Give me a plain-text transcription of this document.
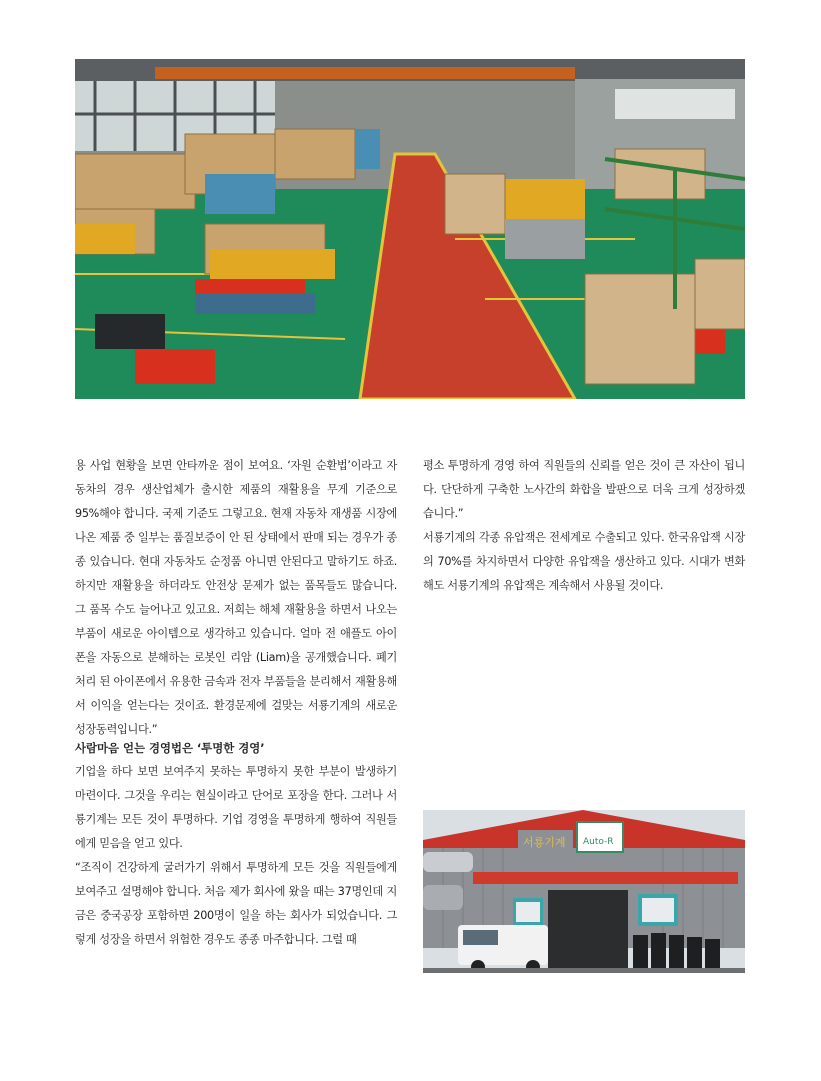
용 사업 현황을 보면 안타까운 점이 보여요. ‘자원 순환법’이라고 자동차의 경우 생산업체가 출시한 제품의 재활용을 무게 기준으로 95%해야 합니다. 국제 기준도 그렇고요. 현재 자동차 재생품 시장에 나온 제품 중 일부는 품질보증이 안 된 상태에서 판매 되는 경우가 종종 있습니다. 현대 자동차도 순정품 아니면 안된다고 말하기도 하죠. 하지만 재활용을 하더라도 안전상 문제가 없는 품목들도 많습니다. 그 품목 수도 늘어나고 있고요. 저희는 해체 재활용을 하면서 나오는 부품이 새로운 아이템으로 생각하고 있습니다. 얼마 전 애플도 아이폰을 자동으로 분해하는 로봇인 리암 (Liam)을 공개했습니다. 폐기처리 된 아이폰에서 유용한 금속과 전자 부품들을 분리해서 재활용해서 이익을 얻는다는 것이죠. 환경문제에 걸맞는 서룡기계의 새로운 성장동력입니다.”

사람마음 얻는 경영법은 ‘투명한 경영’

기업을 하다 보면 보여주지 못하는 투명하지 못한 부분이 발생하기 마련이다. 그것을 우리는 현실이라고 단어로 포장을 한다. 그러나 서룡기계는 모든 것이 투명하다. 기업 경영을 투명하게 행하여 직원들에게 믿음을 얻고 있다.

“조직이 건강하게 굴러가기 위해서 투명하게 모든 것을 직원들에게 보여주고 설명해야 합니다. 처음 제가 회사에 왔을 때는 37명인데 지금은 중국공장 포함하면 200명이 일을 하는 회사가 되었습니다. 그렇게 성장을 하면서 위험한 경우도 종종 마주합니다. 그럴 때

평소 투명하게 경영 하여 직원들의 신뢰를 얻은 것이 큰 자산이 됩니다. 단단하게 구축한 노사간의 화합을 발판으로 더욱 크게 성장하겠습니다.”

서룡기계의 각종 유압잭은 전세계로 수출되고 있다. 한국유압잭 시장의 70%를 차지하면서 다양한 유압잭을 생산하고 있다. 시대가 변화해도 서룡기계의 유압잭은 계속해서 사용될 것이다.

서룡기계 Auto-R
